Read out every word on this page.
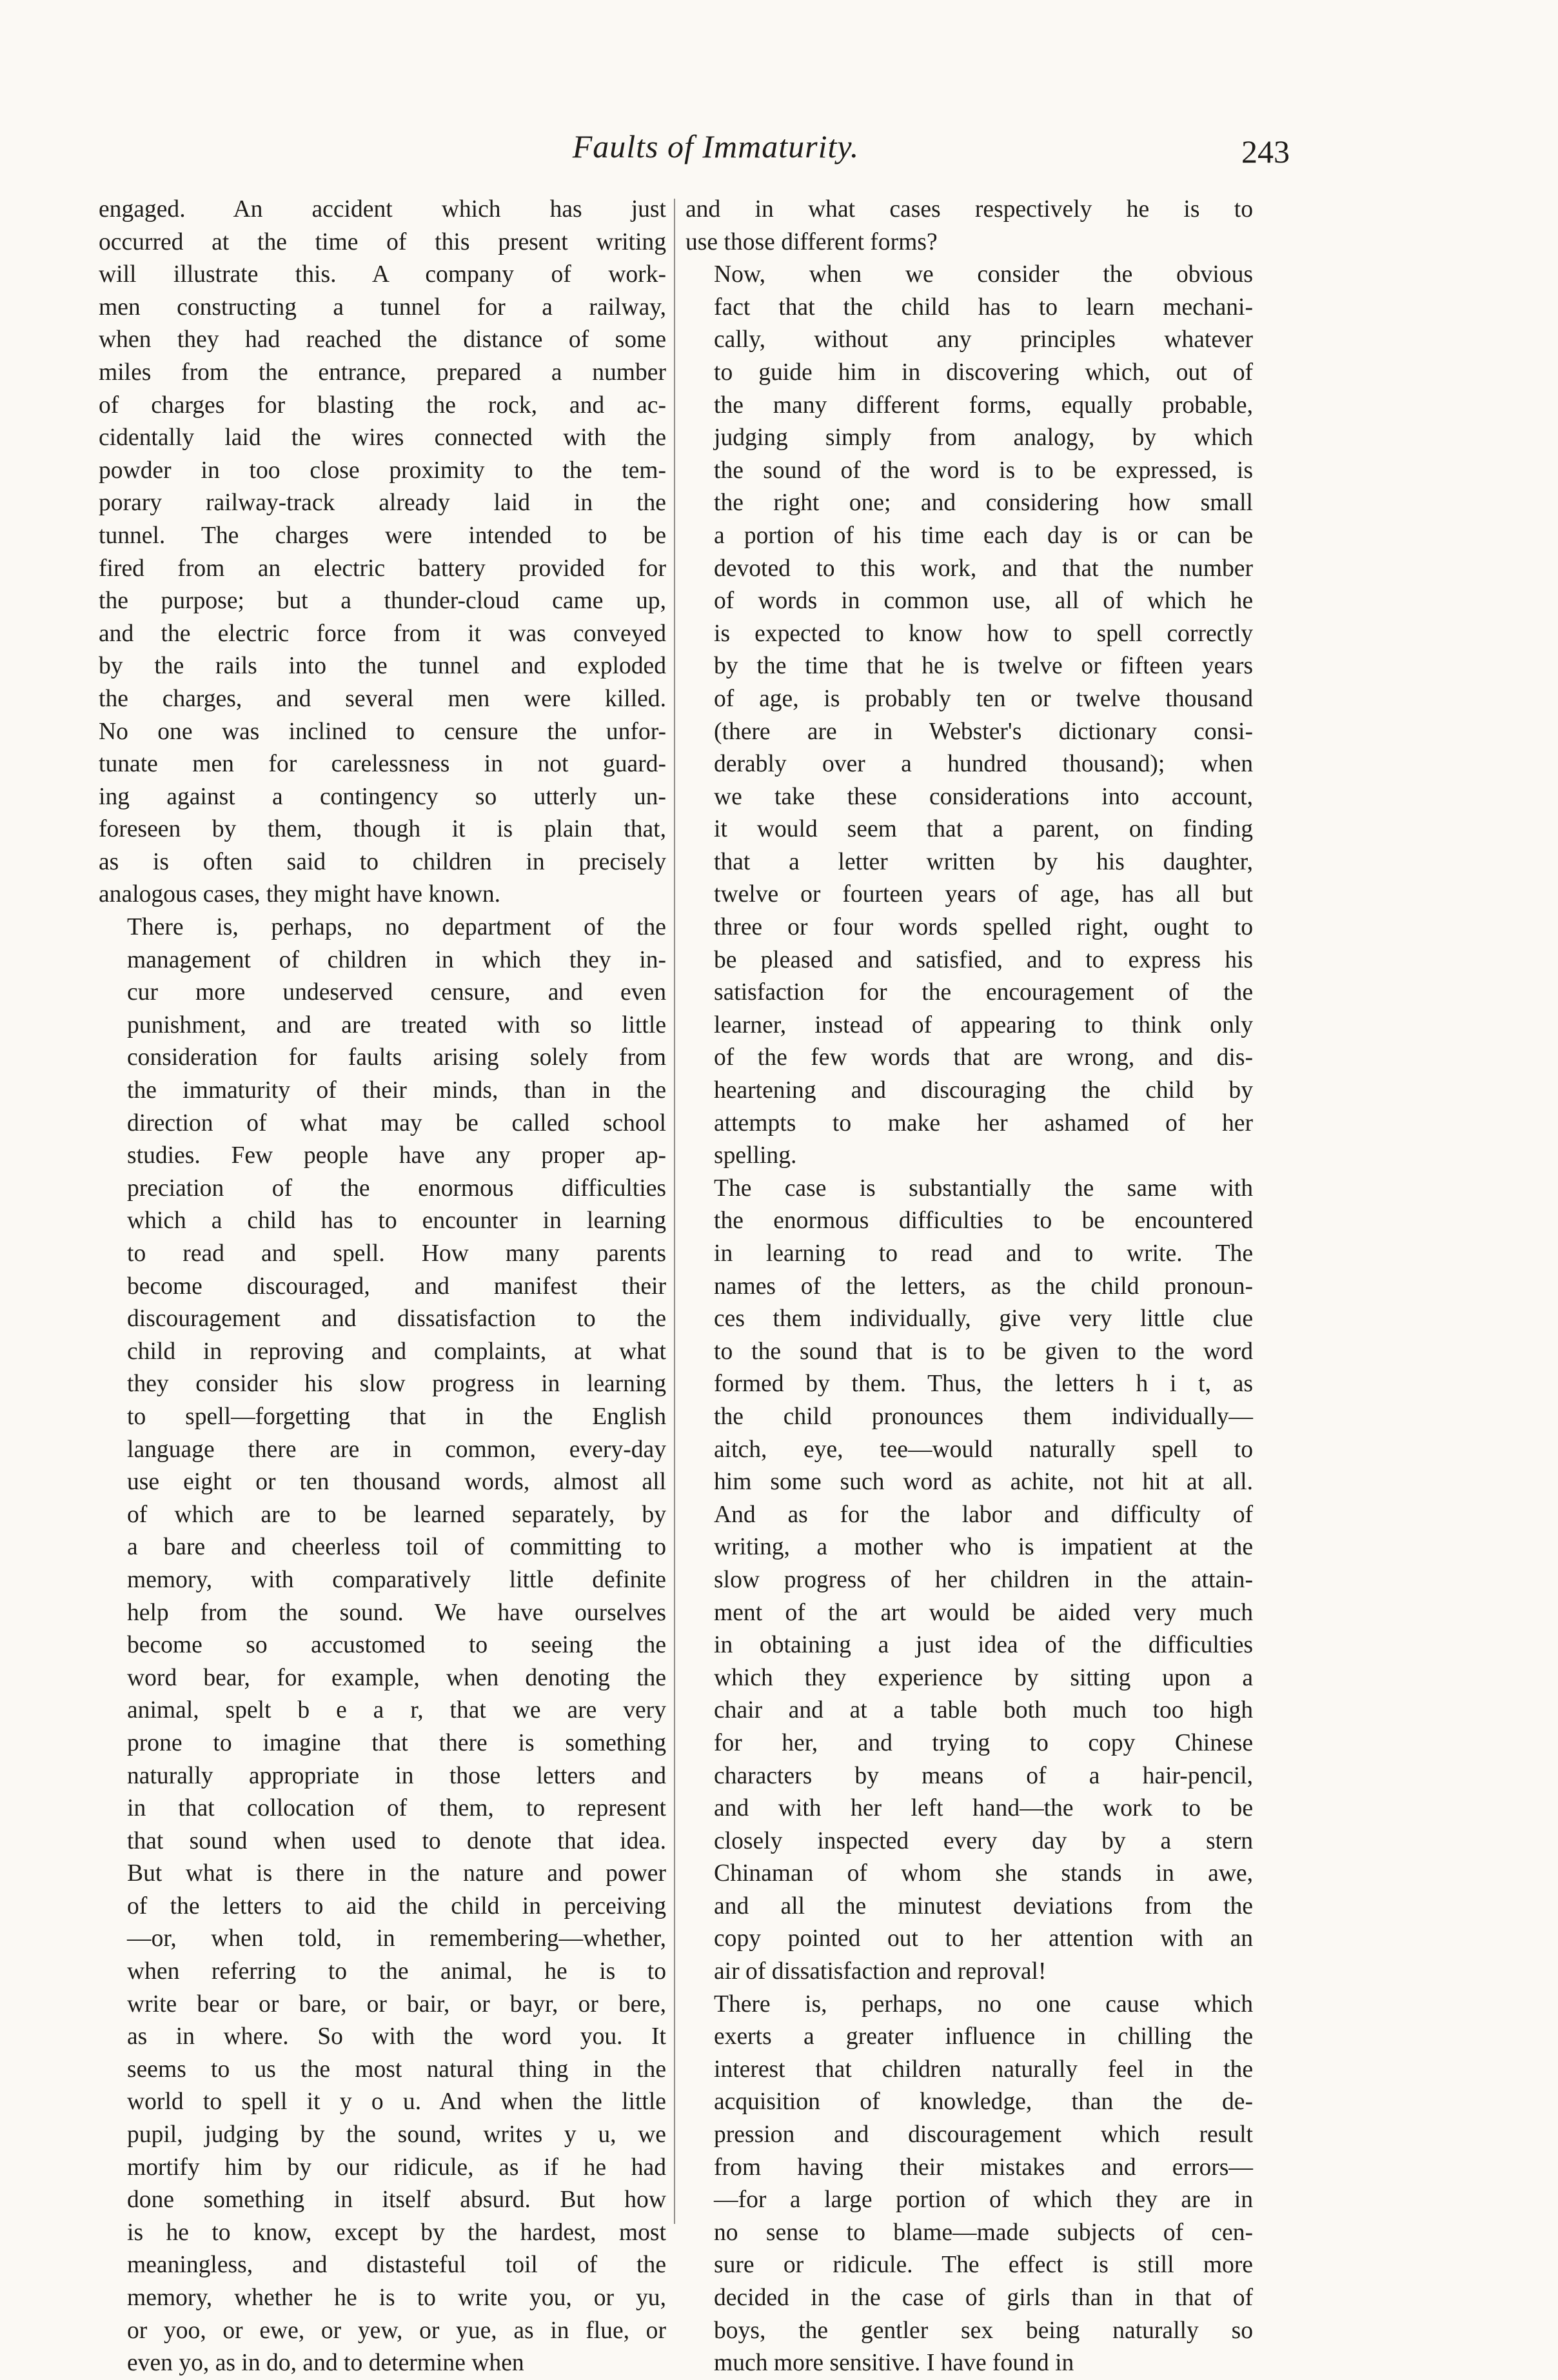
Faults of Immaturity.	243
engaged. An accident which has just
occurred at the time of this present writing
will illustrate this. A company of work-
men constructing a tunnel for a railway,
when they had reached the distance of some
miles from the entrance, prepared a number
of charges for blasting the rock, and ac-
cidentally laid the wires connected with the
powder in too close proximity to the tem-
porary railway-track already laid in the
tunnel. The charges were intended to be
fired from an electric battery provided for
the purpose; but a thunder-cloud came up,
and the electric force from it was conveyed
by the rails into the tunnel and exploded
the charges, and several men were killed.
No one was inclined to censure the unfor-
tunate men for carelessness in not guard-
ing against a contingency so utterly un-
foreseen by them, though it is plain that,
as is often said to children in precisely
analogous cases, they might have known.
There is, perhaps, no department of the
management of children in which they in-
cur more undeserved censure, and even
punishment, and are treated with so little
consideration for faults arising solely from
the immaturity of their minds, than in the
direction of what may be called school
studies. Few people have any proper ap-
preciation of the enormous difficulties
which a child has to encounter in learning
to read and spell. How many parents
become discouraged, and manifest their
discouragement and dissatisfaction to the
child in reproving and complaints, at what
they consider his slow progress in learning
to spell—forgetting that in the English
language there are in common, every-day
use eight or ten thousand words, almost all
of which are to be learned separately, by
a bare and cheerless toil of committing to
memory, with comparatively little definite
help from the sound. We have ourselves
become so accustomed to seeing the
word bear, for example, when denoting the
animal, spelt b e a r, that we are very
prone to imagine that there is something
naturally appropriate in those letters and
in that collocation of them, to represent
that sound when used to denote that idea.
But what is there in the nature and power
of the letters to aid the child in perceiving
—or, when told, in remembering—whether,
when referring to the animal, he is to
write bear or bare, or bair, or bayr, or bere,
as in where. So with the word you. It
seems to us the most natural thing in the
world to spell it y o u. And when the little
pupil, judging by the sound, writes y u, we
mortify him by our ridicule, as if he had
done something in itself absurd. But how
is he to know, except by the hardest, most
meaningless, and distasteful toil of the
memory, whether he is to write you, or yu,
or yoo, or ewe, or yew, or yue, as in flue, or
even yo, as in do, and to determine when
and in what cases respectively he is to
use those different forms?
Now, when we consider the obvious
fact that the child has to learn mechani-
cally, without any principles whatever
to guide him in discovering which, out of
the many different forms, equally probable,
judging simply from analogy, by which
the sound of the word is to be expressed, is
the right one; and considering how small
a portion of his time each day is or can be
devoted to this work, and that the number
of words in common use, all of which he
is expected to know how to spell correctly
by the time that he is twelve or fifteen years
of age, is probably ten or twelve thousand
(there are in Webster's dictionary consi-
derably over a hundred thousand); when
we take these considerations into account,
it would seem that a parent, on finding
that a letter written by his daughter,
twelve or fourteen years of age, has all but
three or four words spelled right, ought to
be pleased and satisfied, and to express his
satisfaction for the encouragement of the
learner, instead of appearing to think only
of the few words that are wrong, and dis-
heartening and discouraging the child by
attempts to make her ashamed of her
spelling.
The case is substantially the same with
the enormous difficulties to be encountered
in learning to read and to write. The
names of the letters, as the child pronoun-
ces them individually, give very little clue
to the sound that is to be given to the word
formed by them. Thus, the letters h i t, as
the child pronounces them individually—
aitch, eye, tee—would naturally spell to
him some such word as achite, not hit at all.
And as for the labor and difficulty of
writing, a mother who is impatient at the
slow progress of her children in the attain-
ment of the art would be aided very much
in obtaining a just idea of the difficulties
which they experience by sitting upon a
chair and at a table both much too high
for her, and trying to copy Chinese
characters by means of a hair-pencil,
and with her left hand—the work to be
closely inspected every day by a stern
Chinaman of whom she stands in awe,
and all the minutest deviations from the
copy pointed out to her attention with an
air of dissatisfaction and reproval!
There is, perhaps, no one cause which
exerts a greater influence in chilling the
interest that children naturally feel in the
acquisition of knowledge, than the de-
pression and discouragement which result
from having their mistakes and errors—
—for a large portion of which they are in
no sense to blame—made subjects of cen-
sure or ridicule. The effect is still more
decided in the case of girls than in that of
boys, the gentler sex being naturally so
much more sensitive. I have found in
